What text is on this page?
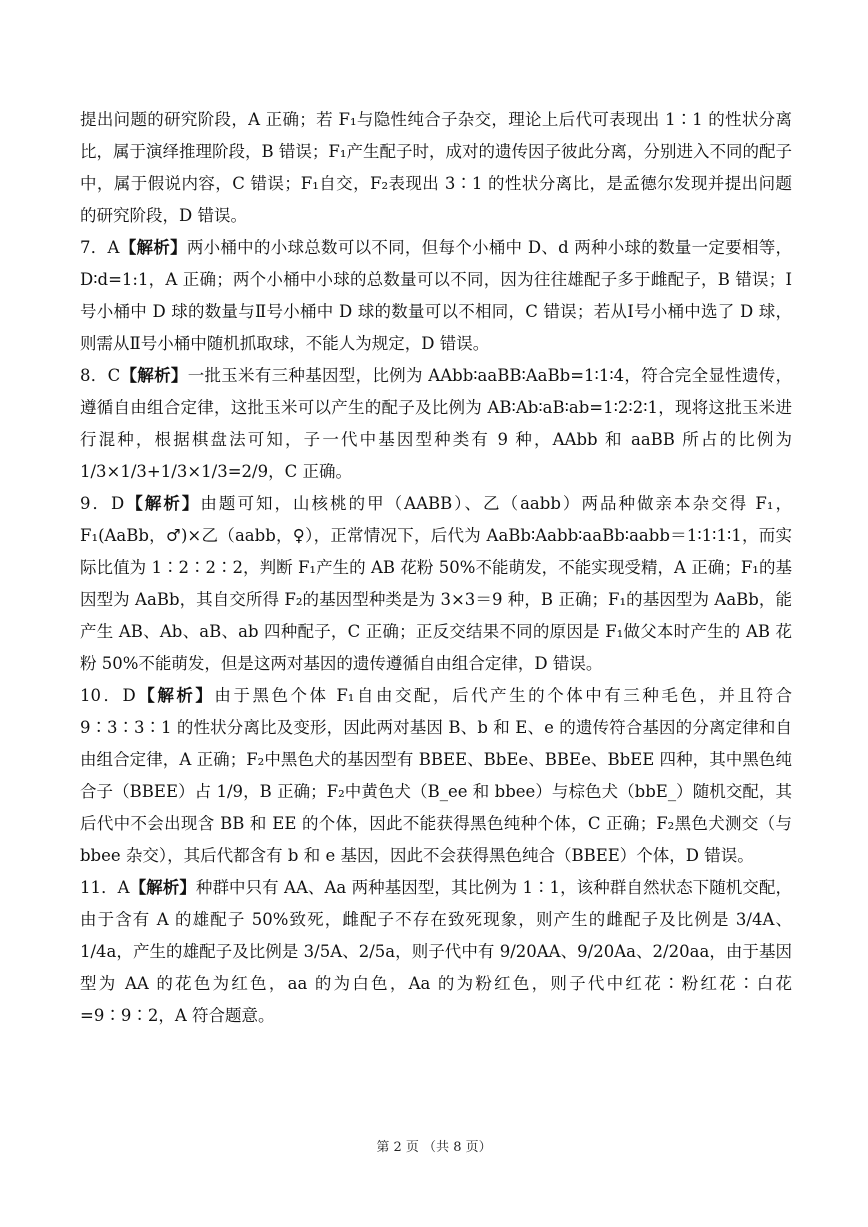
提出问题的研究阶段，A 正确；若 F₁与隐性纯合子杂交，理论上后代可表现出 1∶1 的性状分离比，属于演绎推理阶段，B 错误；F₁产生配子时，成对的遗传因子彼此分离，分别进入不同的配子中，属于假说内容，C 错误；F₁自交，F₂表现出 3∶1 的性状分离比，是孟德尔发现并提出问题的研究阶段，D 错误。

7．A【解析】两小桶中的小球总数可以不同，但每个小桶中 D、d 两种小球的数量一定要相等，D∶d=1:1，A 正确；两个小桶中小球的总数量可以不同，因为往往雄配子多于雌配子，B 错误；Ⅰ号小桶中 D 球的数量与Ⅱ号小桶中 D 球的数量可以不相同，C 错误；若从Ⅰ号小桶中选了 D 球，则需从Ⅱ号小桶中随机抓取球，不能人为规定，D 错误。

8．C【解析】一批玉米有三种基因型，比例为 AAbb∶aaBB∶AaBb=1∶1∶4，符合完全显性遗传，遵循自由组合定律，这批玉米可以产生的配子及比例为 AB∶Ab∶aB∶ab=1∶2∶2∶1，现将这批玉米进行混种，根据棋盘法可知，子一代中基因型种类有 9 种，AAbb 和 aaBB 所占的比例为 1/3×1/3+1/3×1/3=2/9，C 正确。

9．D【解析】由题可知，山核桃的甲（AABB）、乙（aabb）两品种做亲本杂交得 F₁，F₁(AaBb，♂)×乙（aabb，♀），正常情况下，后代为 AaBb∶Aabb∶aaBb∶aabb＝1∶1∶1∶1，而实际比值为 1∶2∶2∶2，判断 F₁产生的 AB 花粉 50%不能萌发，不能实现受精，A 正确；F₁的基因型为 AaBb，其自交所得 F₂的基因型种类是为 3×3＝9 种，B 正确；F₁的基因型为 AaBb，能产生 AB、Ab、aB、ab 四种配子，C 正确；正反交结果不同的原因是 F₁做父本时产生的 AB 花粉 50%不能萌发，但是这两对基因的遗传遵循自由组合定律，D 错误。

10．D【解析】由于黑色个体 F₁自由交配，后代产生的个体中有三种毛色，并且符合 9∶3∶3∶1 的性状分离比及变形，因此两对基因 B、b 和 E、e 的遗传符合基因的分离定律和自由组合定律，A 正确；F₂中黑色犬的基因型有 BBEE、BbEe、BBEe、BbEE 四种，其中黑色纯合子（BBEE）占 1/9，B 正确；F₂中黄色犬（B_ee 和 bbee）与棕色犬（bbE_）随机交配，其后代中不会出现含 BB 和 EE 的个体，因此不能获得黑色纯种个体，C 正确；F₂黑色犬测交（与 bbee 杂交），其后代都含有 b 和 e 基因，因此不会获得黑色纯合（BBEE）个体，D 错误。

11．A【解析】种群中只有 AA、Aa 两种基因型，其比例为 1∶1，该种群自然状态下随机交配，由于含有 A 的雄配子 50%致死，雌配子不存在致死现象，则产生的雌配子及比例是 3/4A、1/4a，产生的雄配子及比例是 3/5A、2/5a，则子代中有 9/20AA、9/20Aa、2/20aa，由于基因型为 AA 的花色为红色，aa 的为白色，Aa 的为粉红色，则子代中红花∶粉红花∶白花=9∶9∶2，A 符合题意。

第 2 页 （共 8 页）
